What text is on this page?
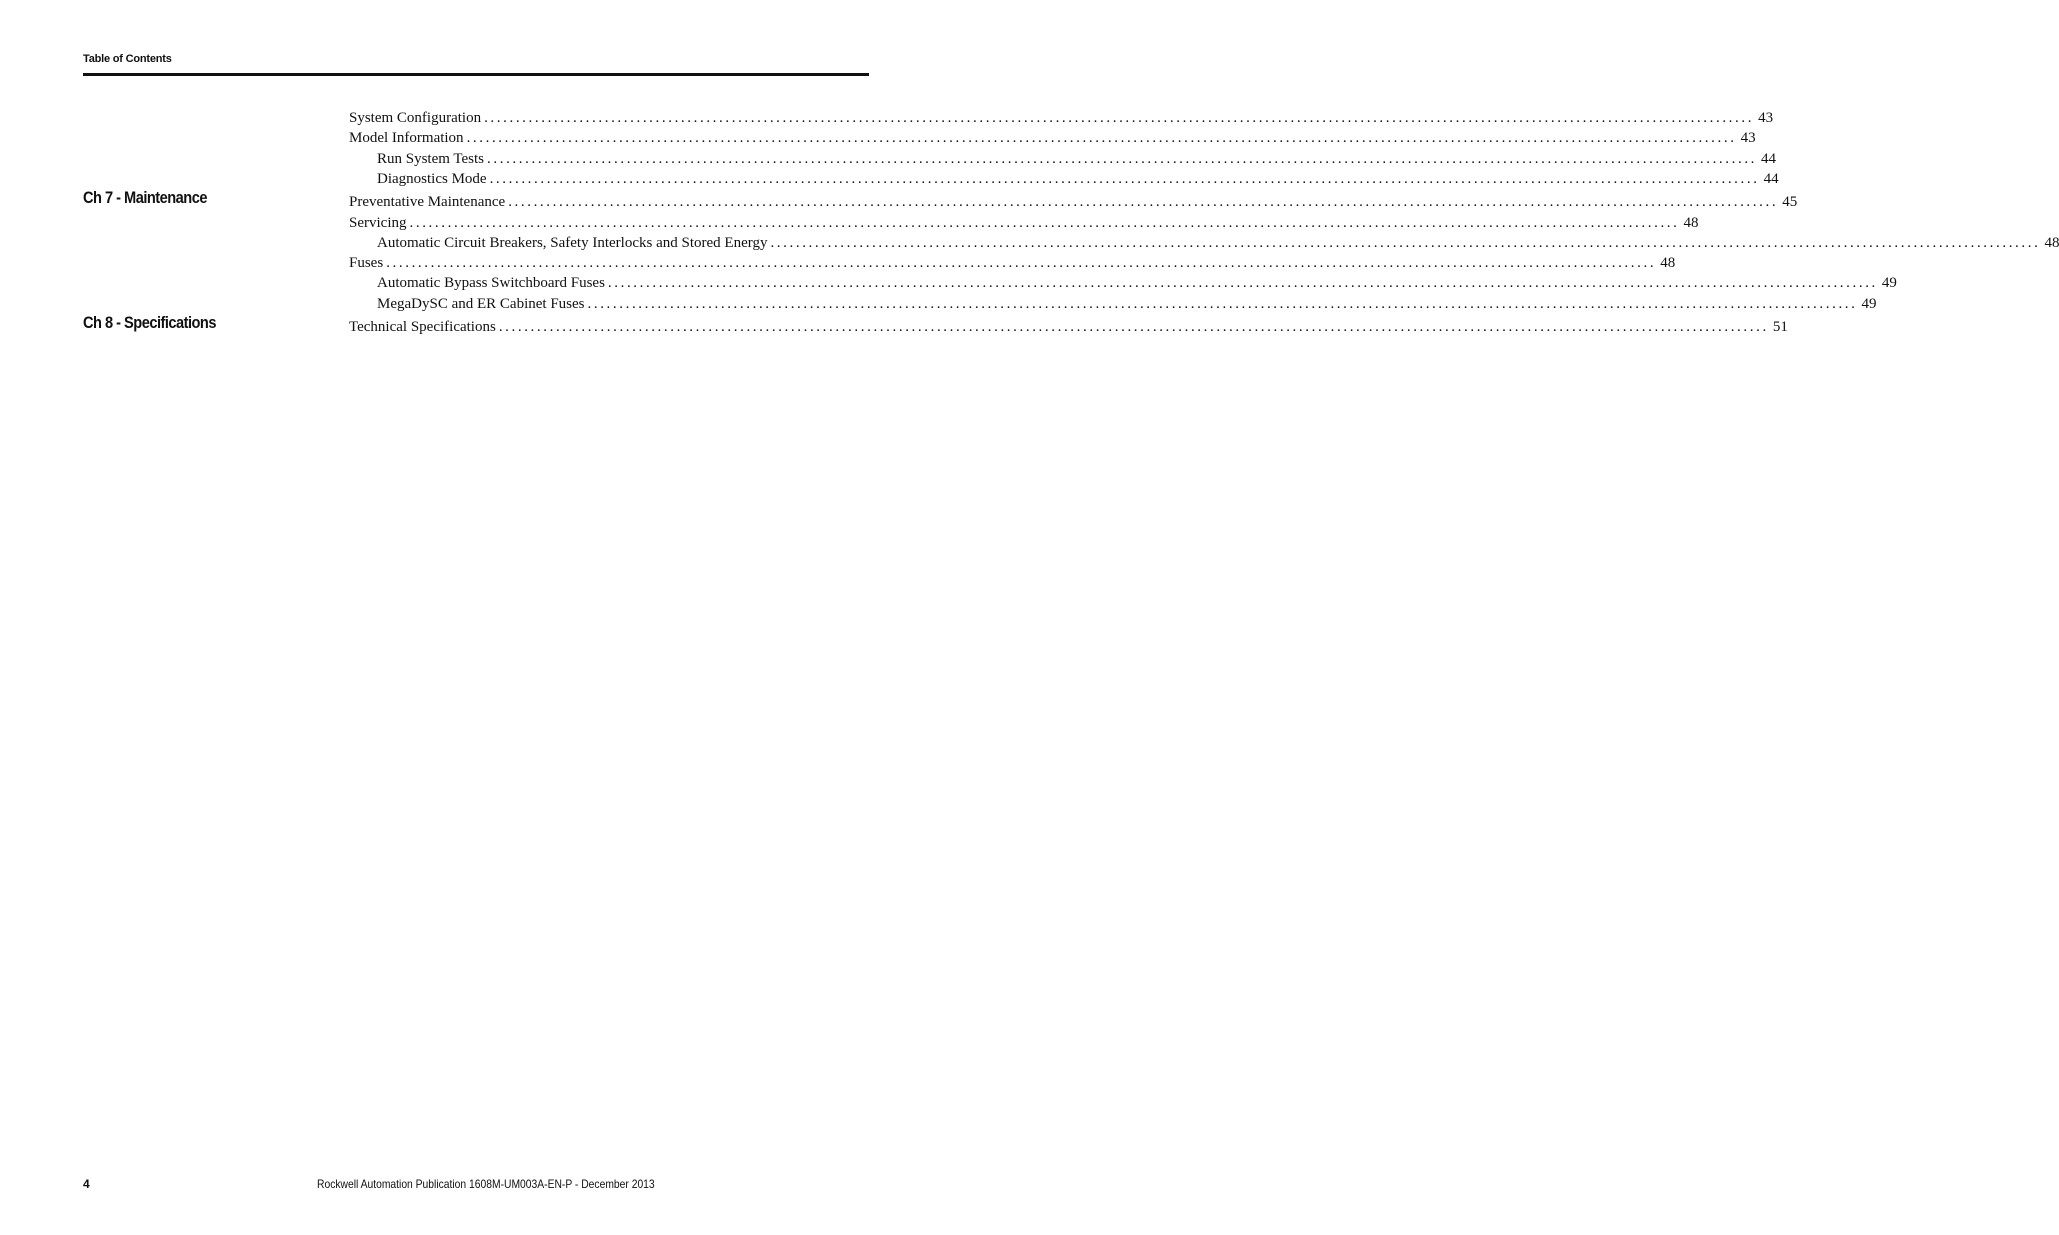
Table of Contents
Ch 7 - Maintenance
Ch 8 - Specifications
System Configuration ........................................................................................................................................................................................................ 43
Model Information ........................................................................................................................................................................................................ 43
Run System Tests ........................................................................................................................................................................................................ 44
Diagnostics Mode ........................................................................................................................................................................................................ 44
Preventative Maintenance ........................................................................................................................................................................................................ 45
Servicing ........................................................................................................................................................................................................ 48
Automatic Circuit Breakers, Safety Interlocks and Stored Energy ........................................................................................................................................................................................................ 48
Fuses ........................................................................................................................................................................................................ 48
Automatic Bypass Switchboard Fuses ........................................................................................................................................................................................................ 49
MegaDySC and ER Cabinet Fuses ........................................................................................................................................................................................................ 49
Technical Specifications ........................................................................................................................................................................................................ 51
4	Rockwell Automation Publication 1608M-UM003A-EN-P - December 2013
